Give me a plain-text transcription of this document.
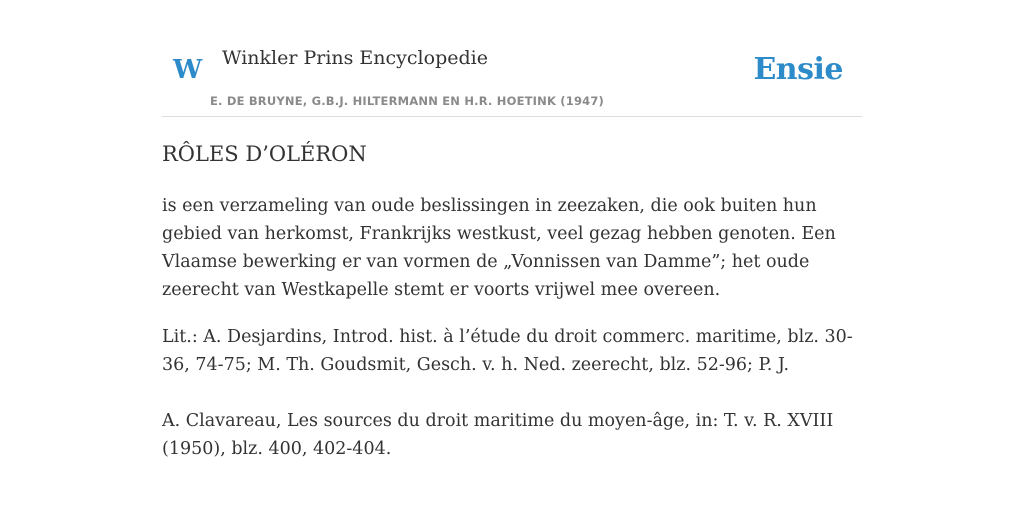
W Winkler Prins Encyclopedie	Ensie
E. DE BRUYNE, G.B.J. HILTERMANN EN H.R. HOETINK (1947)
RÔLES D’OLÉRON

is een verzameling van oude beslissingen in zeezaken, die ook buiten hun gebied van herkomst, Frankrijks westkust, veel gezag hebben genoten. Een Vlaamse bewerking er van vormen de „Vonnissen van Damme”; het oude zeerecht van Westkapelle stemt er voorts vrijwel mee overeen.

Lit.: A. Desjardins, Introd. hist. à l’étude du droit commerc. maritime, blz. 30-36, 74-75; M. Th. Goudsmit, Gesch. v. h. Ned. zeerecht, blz. 52-96; P. J.

A. Clavareau, Les sources du droit maritime du moyen-âge, in: T. v. R. XVIII (1950), blz. 400, 402-404.
